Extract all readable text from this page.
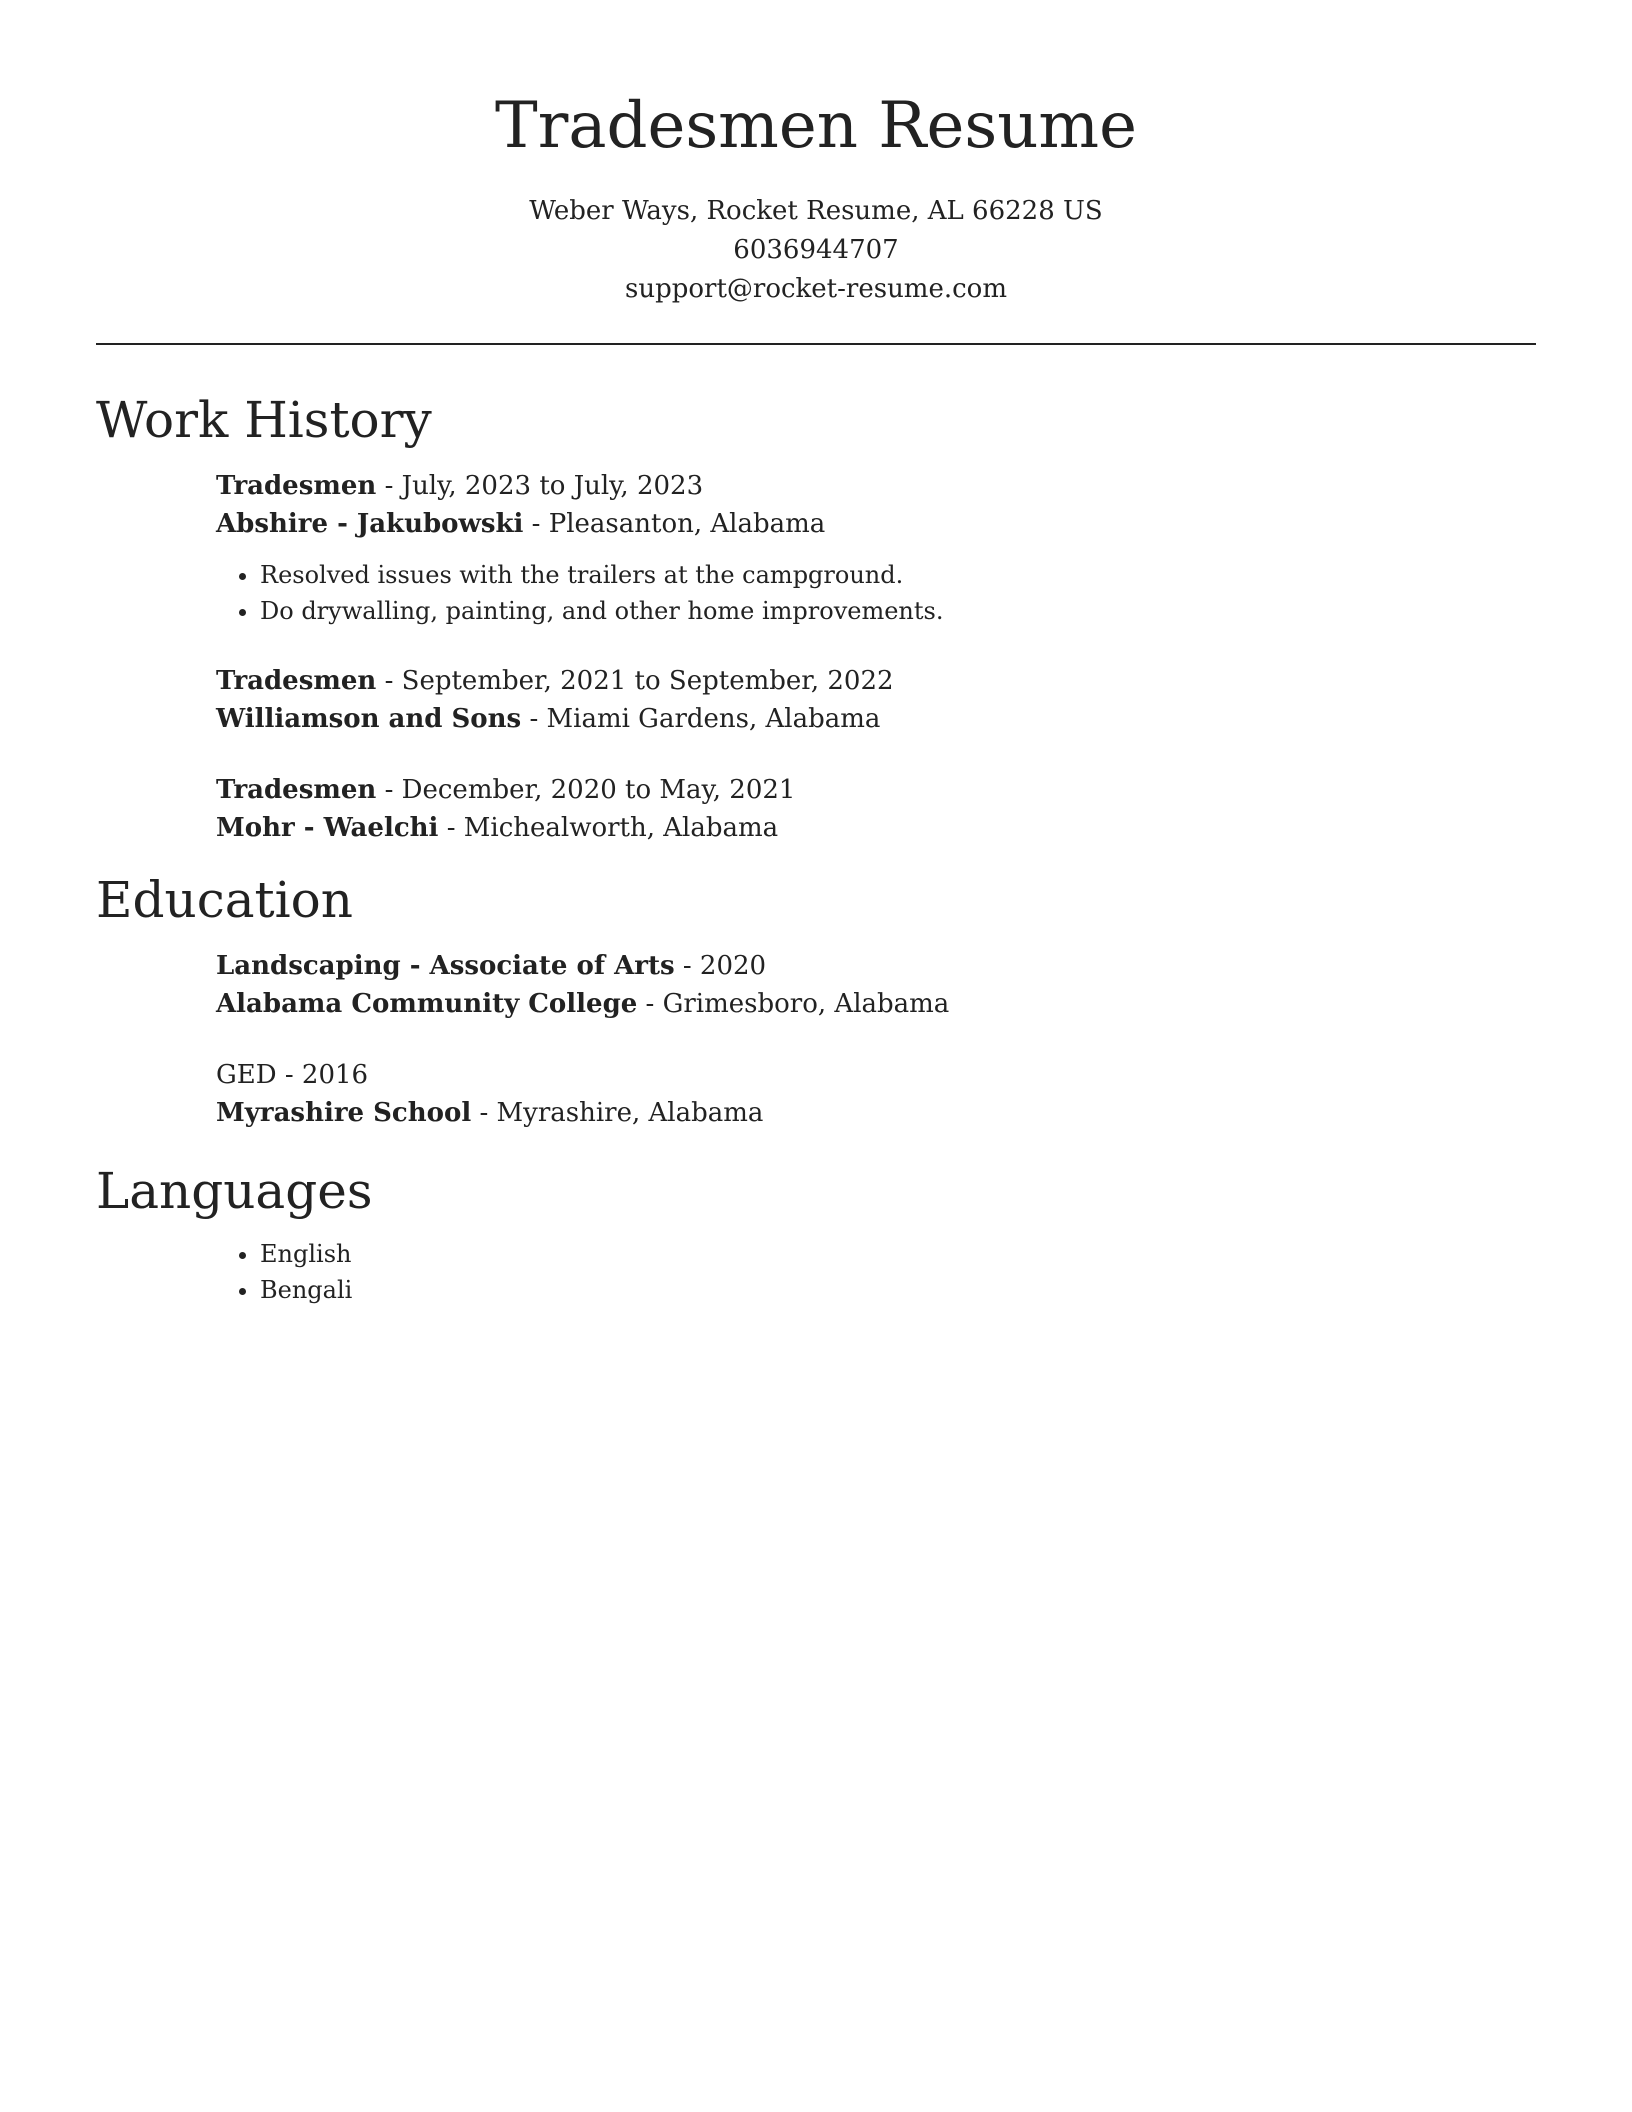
Tradesmen Resume
Weber Ways, Rocket Resume, AL 66228 US
6036944707
support@rocket-resume.com
Work History
Tradesmen - July, 2023 to July, 2023
Abshire - Jakubowski - Pleasanton, Alabama
• Resolved issues with the trailers at the campground.
• Do drywalling, painting, and other home improvements.
Tradesmen - September, 2021 to September, 2022
Williamson and Sons - Miami Gardens, Alabama
Tradesmen - December, 2020 to May, 2021
Mohr - Waelchi - Michealworth, Alabama
Education
Landscaping - Associate of Arts - 2020
Alabama Community College - Grimesboro, Alabama
GED - 2016
Myrashire School - Myrashire, Alabama
Languages
• English
• Bengali
